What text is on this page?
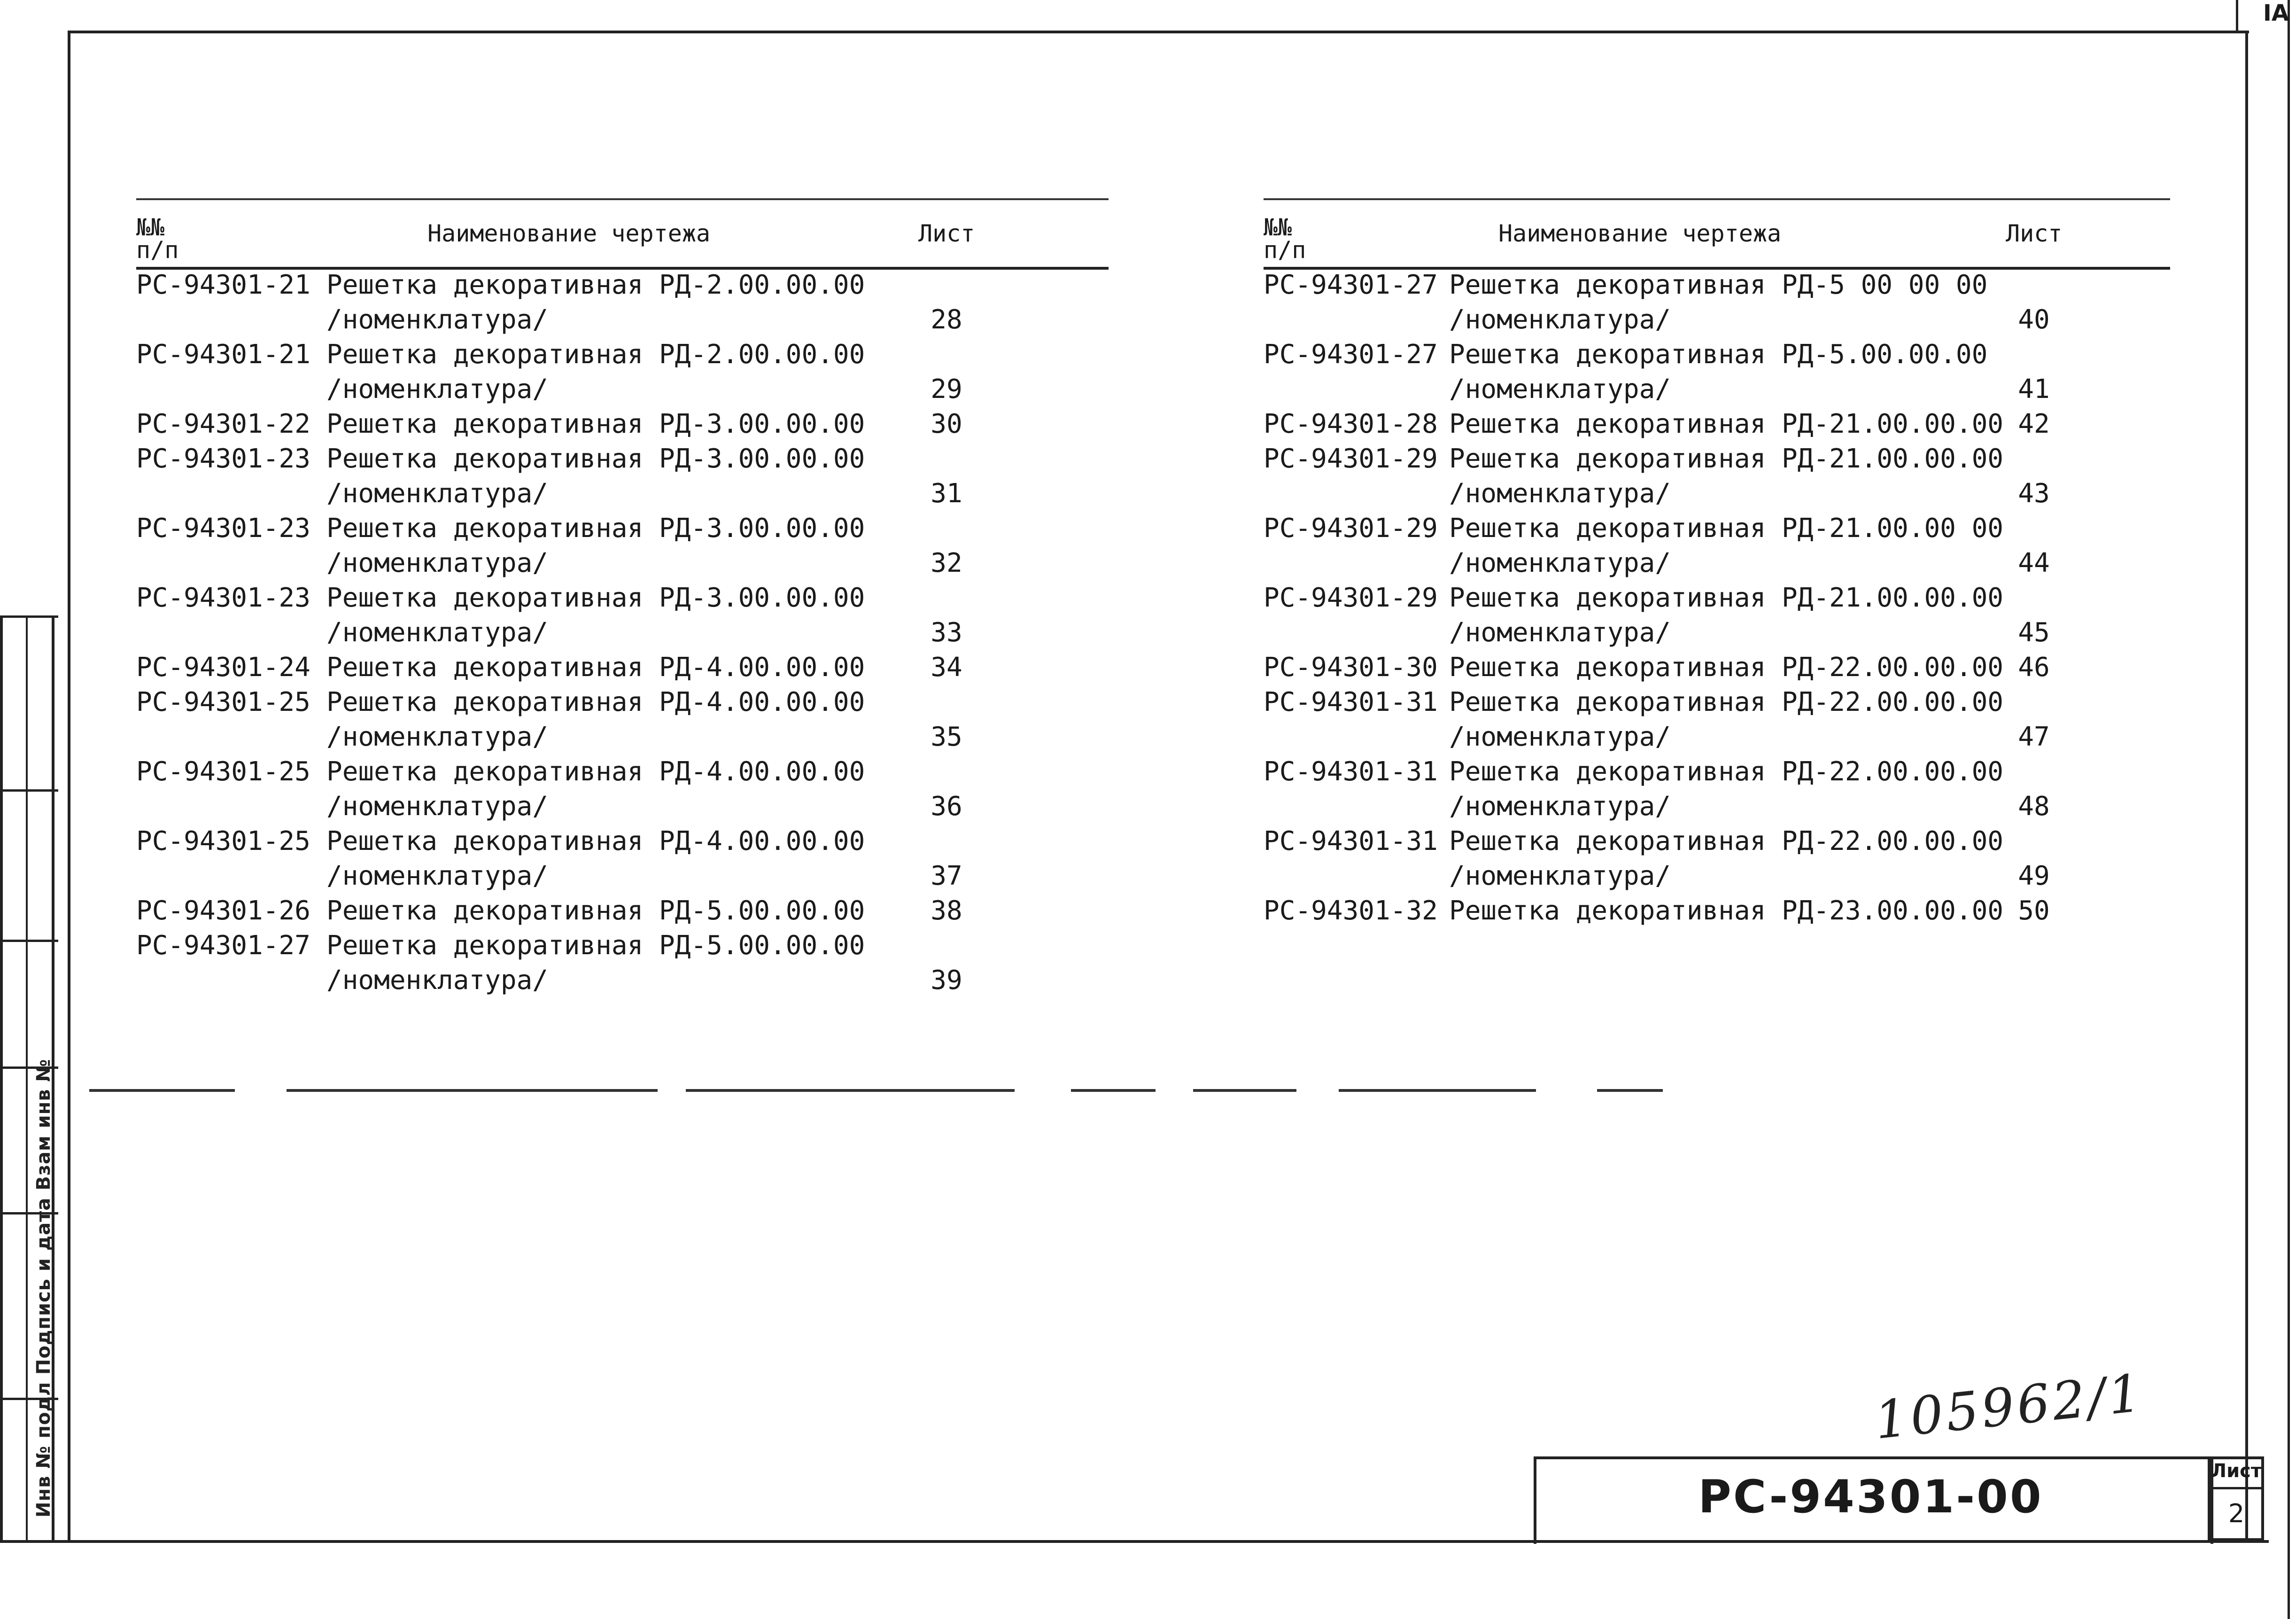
IA
Инв № подл Подпись и дата Взам инв №
№№
п/п
Наименование чертежа	Лист
PC-94301-21 Решетка декоративная РД-2.00.00.00
/номенклатура/	28
PC-94301-21 Решетка декоративная РД-2.00.00.00
/номенклатура/	29
PC-94301-22 Решетка декоративная РД-3.00.00.00	30
PC-94301-23 Решетка декоративная РД-3.00.00.00
/номенклатура/	31
PC-94301-23 Решетка декоративная РД-3.00.00.00
/номенклатура/	32
PC-94301-23 Решетка декоративная РД-3.00.00.00
/номенклатура/	33
PC-94301-24 Решетка декоративная РД-4.00.00.00	34
PC-94301-25 Решетка декоративная РД-4.00.00.00
/номенклатура/	35
PC-94301-25 Решетка декоративная РД-4.00.00.00
/номенклатура/	36
PC-94301-25 Решетка декоративная РД-4.00.00.00
/номенклатура/	37
PC-94301-26 Решетка декоративная РД-5.00.00.00	38
PC-94301-27 Решетка декоративная РД-5.00.00.00
/номенклатура/	39
№№
п/п
Наименование чертежа	Лист
PC-94301-27 Решетка декоративная РД-5 00 00 00
/номенклатура/	40
PC-94301-27 Решетка декоративная РД-5.00.00.00
/номенклатура/	41
PC-94301-28 Решетка декоративная РД-21.00.00.00 42
PC-94301-29 Решетка декоративная РД-21.00.00.00
/номенклатура/	43
PC-94301-29 Решетка декоративная РД-21.00.00 00
/номенклатура/	44
PC-94301-29 Решетка декоративная РД-21.00.00.00
/номенклатура/	45
PC-94301-30 Решетка декоративная РД-22.00.00.00 46
PC-94301-31 Решетка декоративная РД-22.00.00.00
/номенклатура/	47
PC-94301-31 Решетка декоративная РД-22.00.00.00
/номенклатура/	48
PC-94301-31 Решетка декоративная РД-22.00.00.00
/номенклатура/	49
PC-94301-32 Решетка декоративная РД-23.00.00.00 50
105962/1
PC-94301-00	Лист
2
